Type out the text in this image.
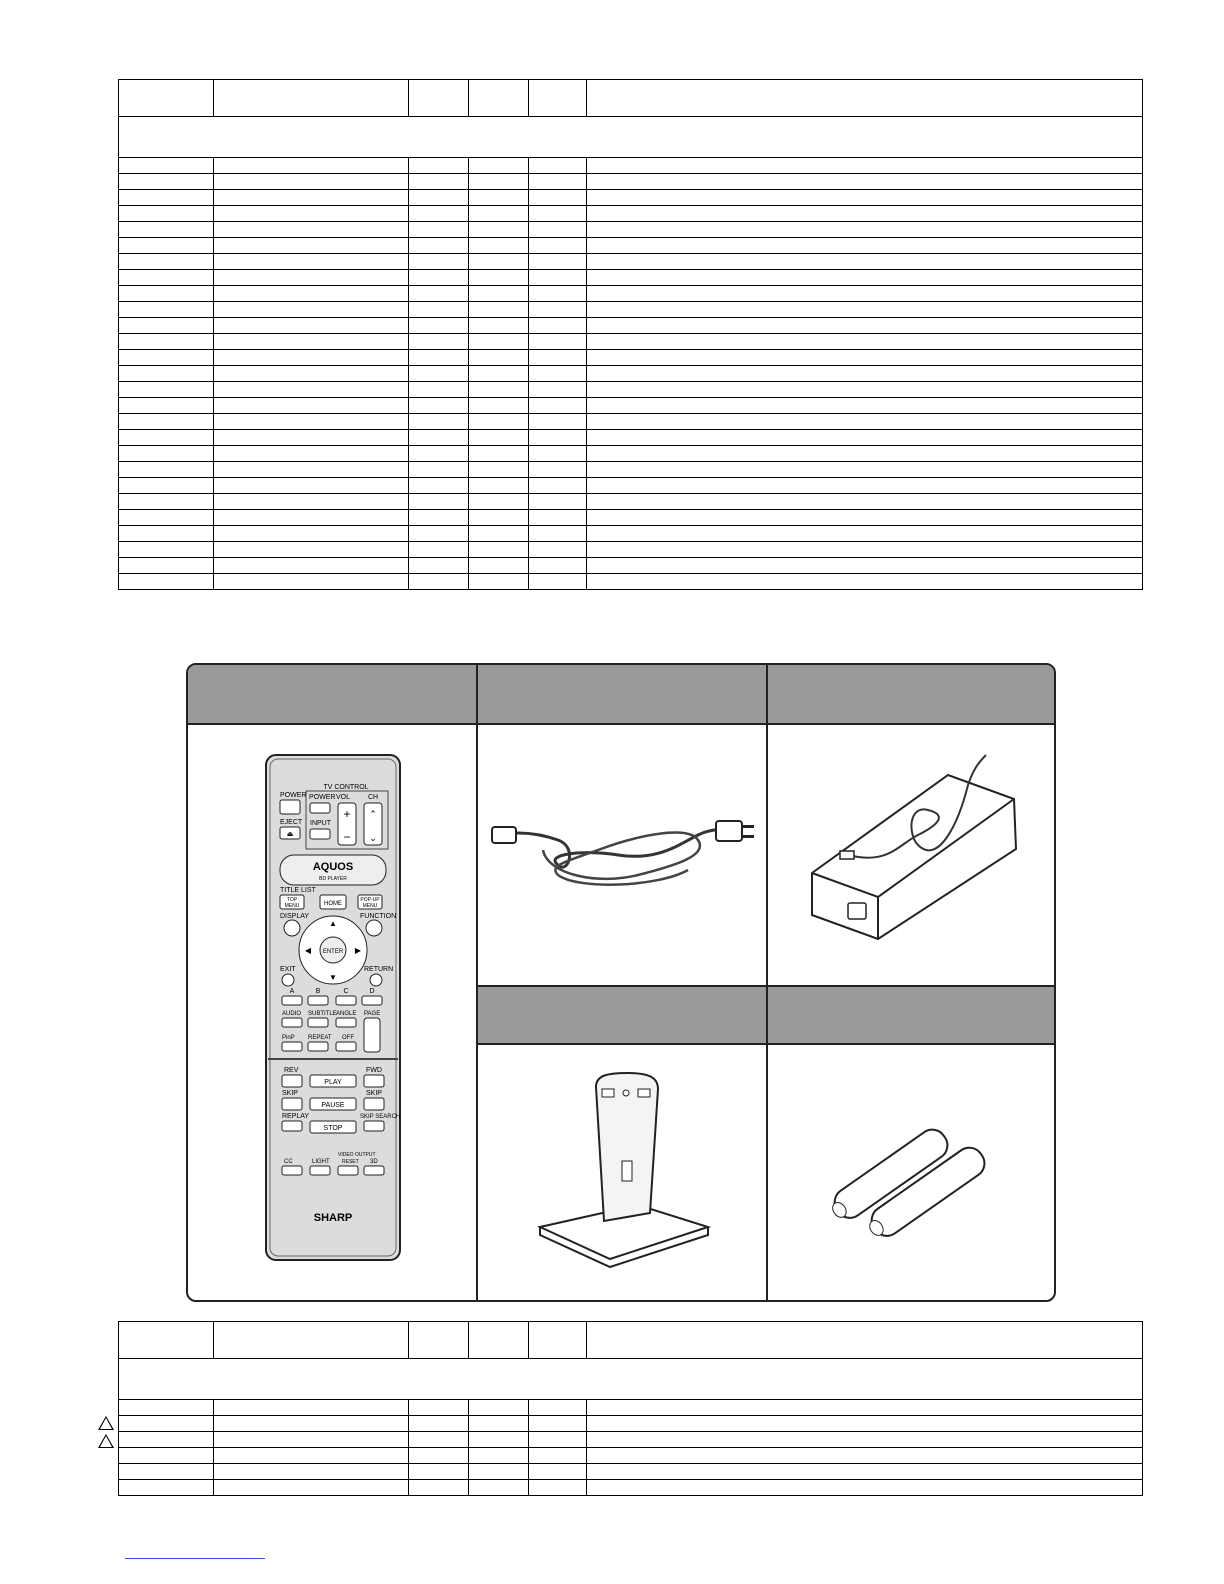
TV CONTROL
POWER POWER VOL	CH
+
−
⌃
⌄
EJECT
⏏
INPUT
AQUOS
BD PLAYER
TITLE LIST
TOP
MENU	HOME
POP-UP
MENU
DISPLAY	FUNCTION
ENTER
▲
▼
◀	▶
EXIT	RETURN
A	B	C	D
AUDIO SUBTITLE ANGLE PAGE
PinP REPEAT OFF
REV
PLAY
FWD
SKIP	SKIP
PAUSE
REPLAY	SKIP SEARCH
STOP
CC	LIGHT
VIDEO OUTPUT
RESET 3D
SHARP
